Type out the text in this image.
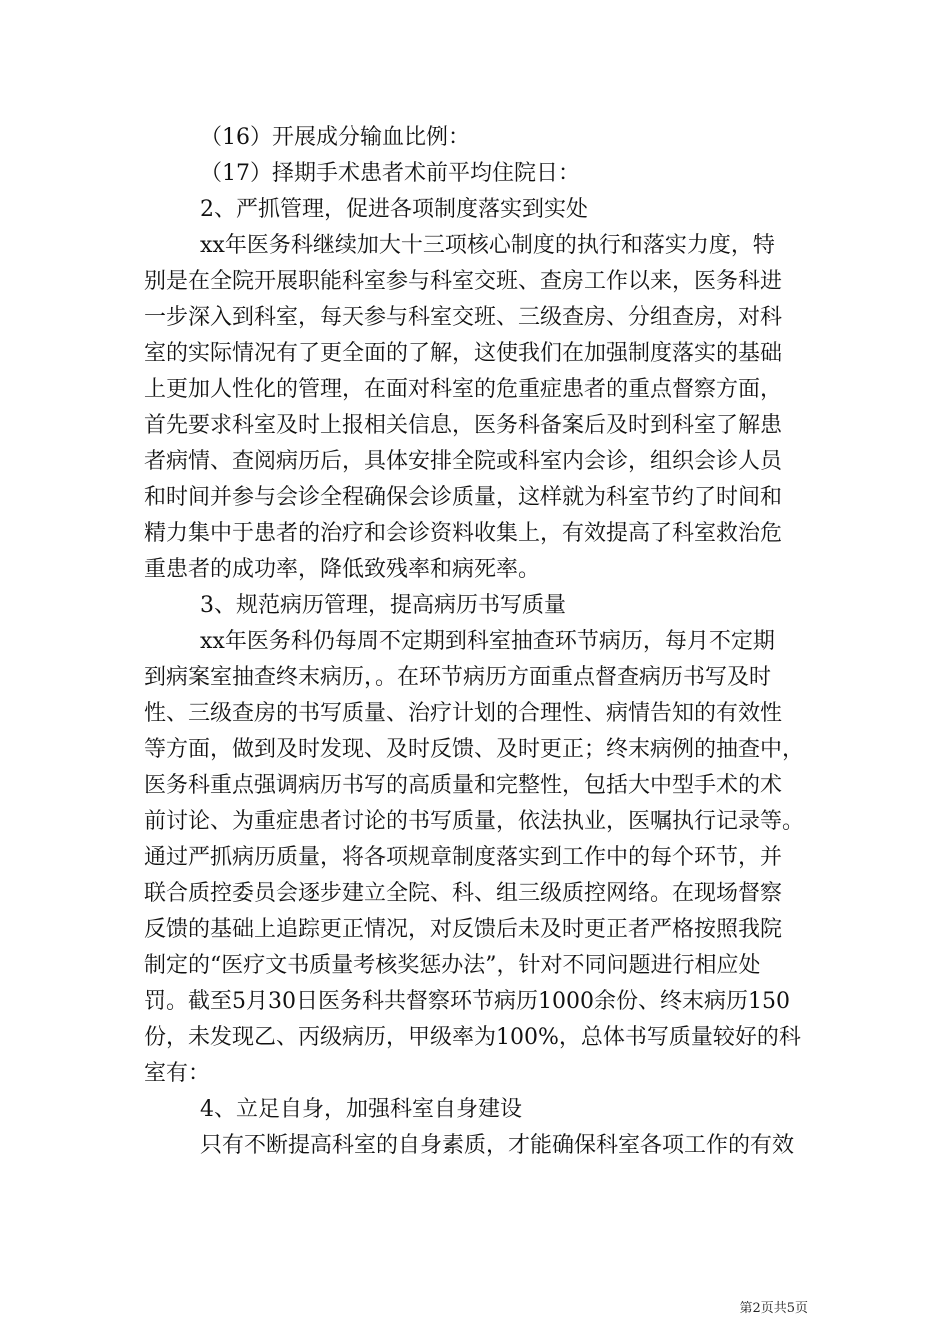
（16）开展成分输血比例：
（17）择期手术患者术前平均住院日：
2、严抓管理，促进各项制度落实到实处
xx年医务科继续加大十三项核心制度的执行和落实力度，特
别是在全院开展职能科室参与科室交班、查房工作以来，医务科进
一步深入到科室，每天参与科室交班、三级查房、分组查房，对科
室的实际情况有了更全面的了解，这使我们在加强制度落实的基础
上更加人性化的管理，在面对科室的危重症患者的重点督察方面，
首先要求科室及时上报相关信息，医务科备案后及时到科室了解患
者病情、查阅病历后，具体安排全院或科室内会诊，组织会诊人员
和时间并参与会诊全程确保会诊质量，这样就为科室节约了时间和
精力集中于患者的治疗和会诊资料收集上，有效提高了科室救治危
重患者的成功率，降低致残率和病死率。
3、规范病历管理，提高病历书写质量
xx年医务科仍每周不定期到科室抽查环节病历，每月不定期
到病案室抽查终末病历，。在环节病历方面重点督查病历书写及时
性、三级查房的书写质量、治疗计划的合理性、病情告知的有效性
等方面，做到及时发现、及时反馈、及时更正；终末病例的抽查中，
医务科重点强调病历书写的高质量和完整性，包括大中型手术的术
前讨论、为重症患者讨论的书写质量，依法执业，医嘱执行记录等。
通过严抓病历质量，将各项规章制度落实到工作中的每个环节，并
联合质控委员会逐步建立全院、科、组三级质控网络。在现场督察
反馈的基础上追踪更正情况，对反馈后未及时更正者严格按照我院
制定的“医疗文书质量考核奖惩办法”，针对不同问题进行相应处
罚。截至5月30日医务科共督察环节病历1000余份、终末病历150
份，未发现乙、丙级病历，甲级率为100%，总体书写质量较好的科
室有：
4、立足自身，加强科室自身建设
只有不断提高科室的自身素质，才能确保科室各项工作的有效
第2页共5页
